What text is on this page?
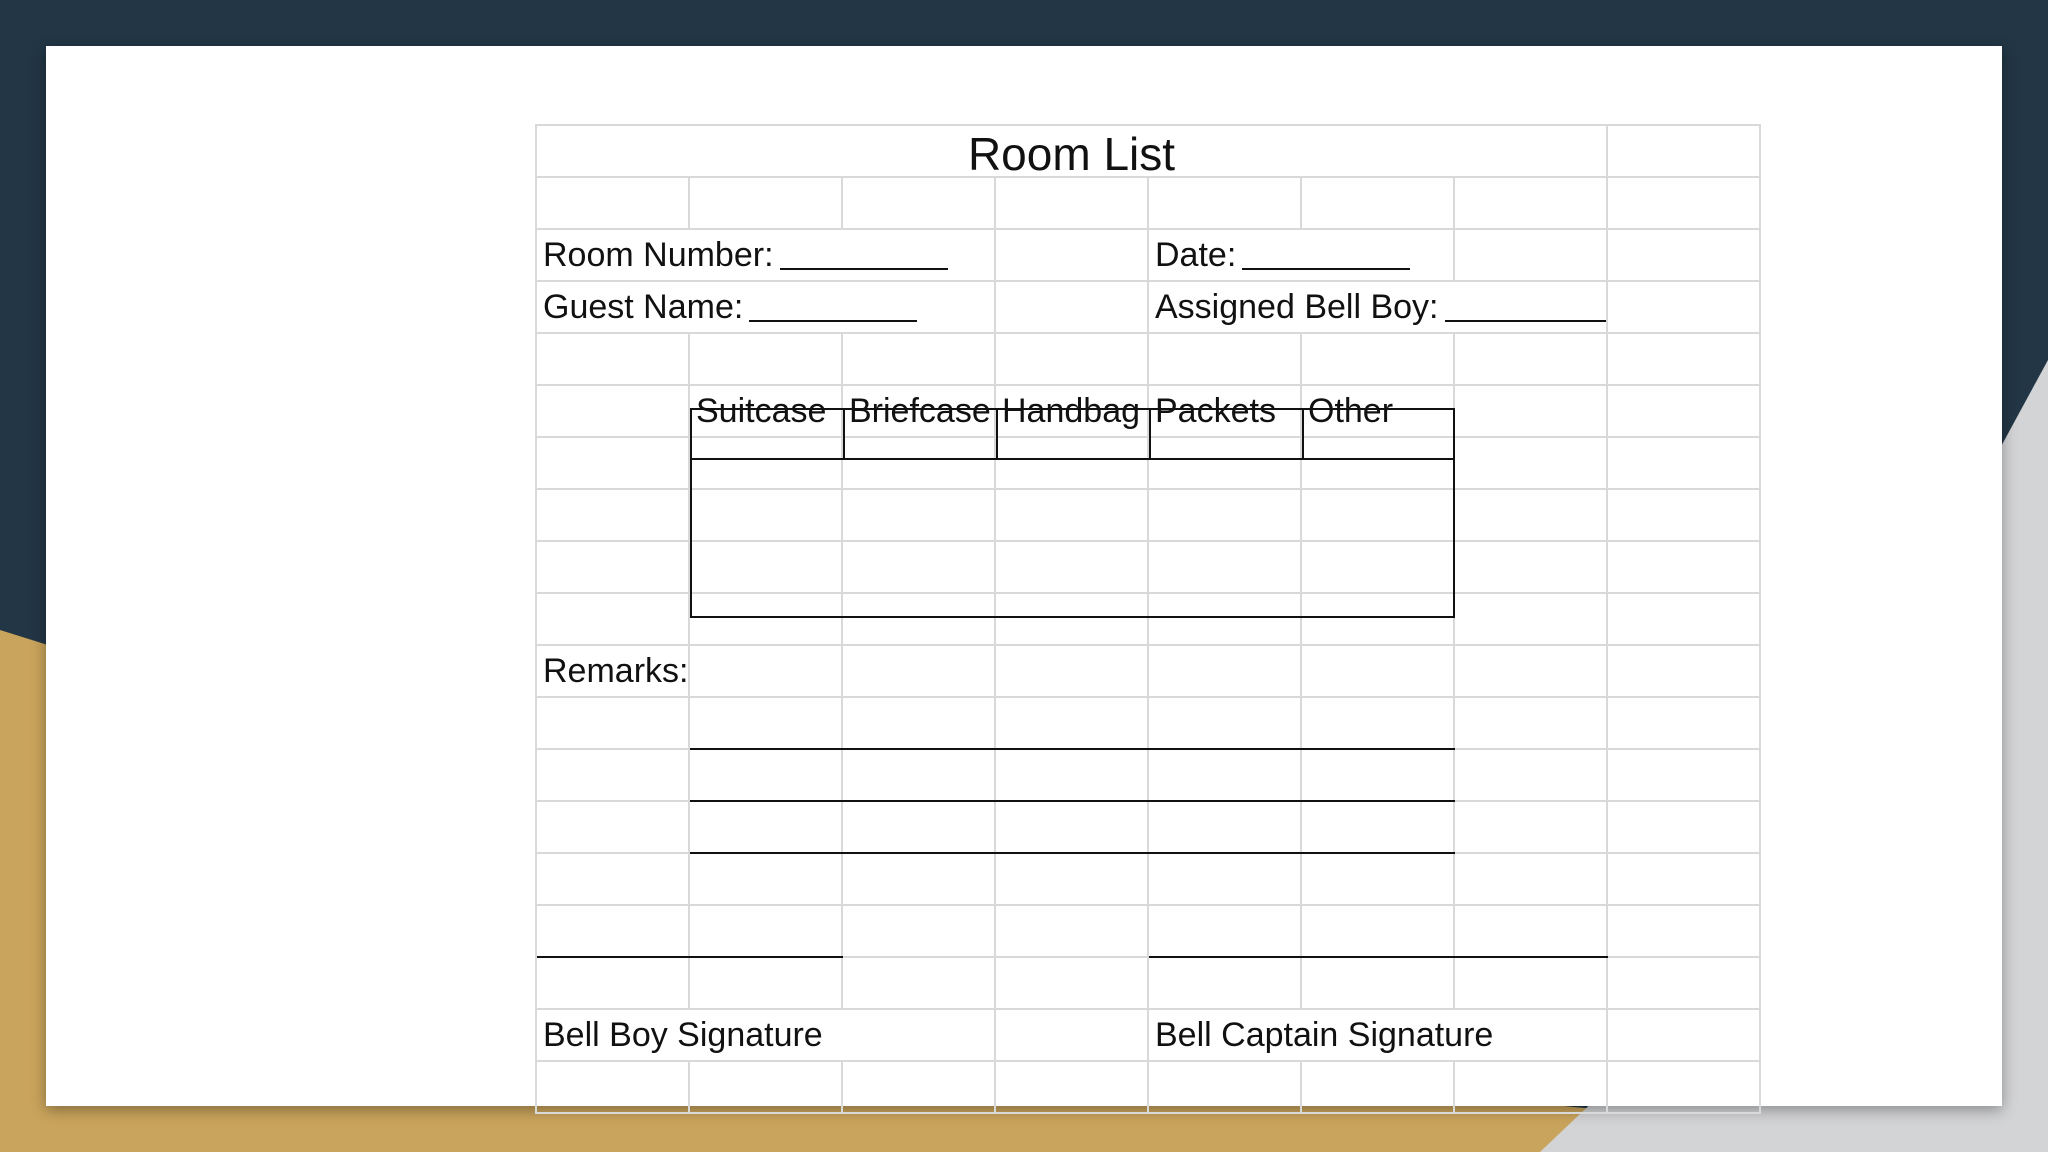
Room List
Room Number:	Date:
Guest Name:	Assigned Bell Boy:
Suitcase Briefcase Handbag Packets Other
Remarks:
Bell Boy Signature	Bell Captain Signature
